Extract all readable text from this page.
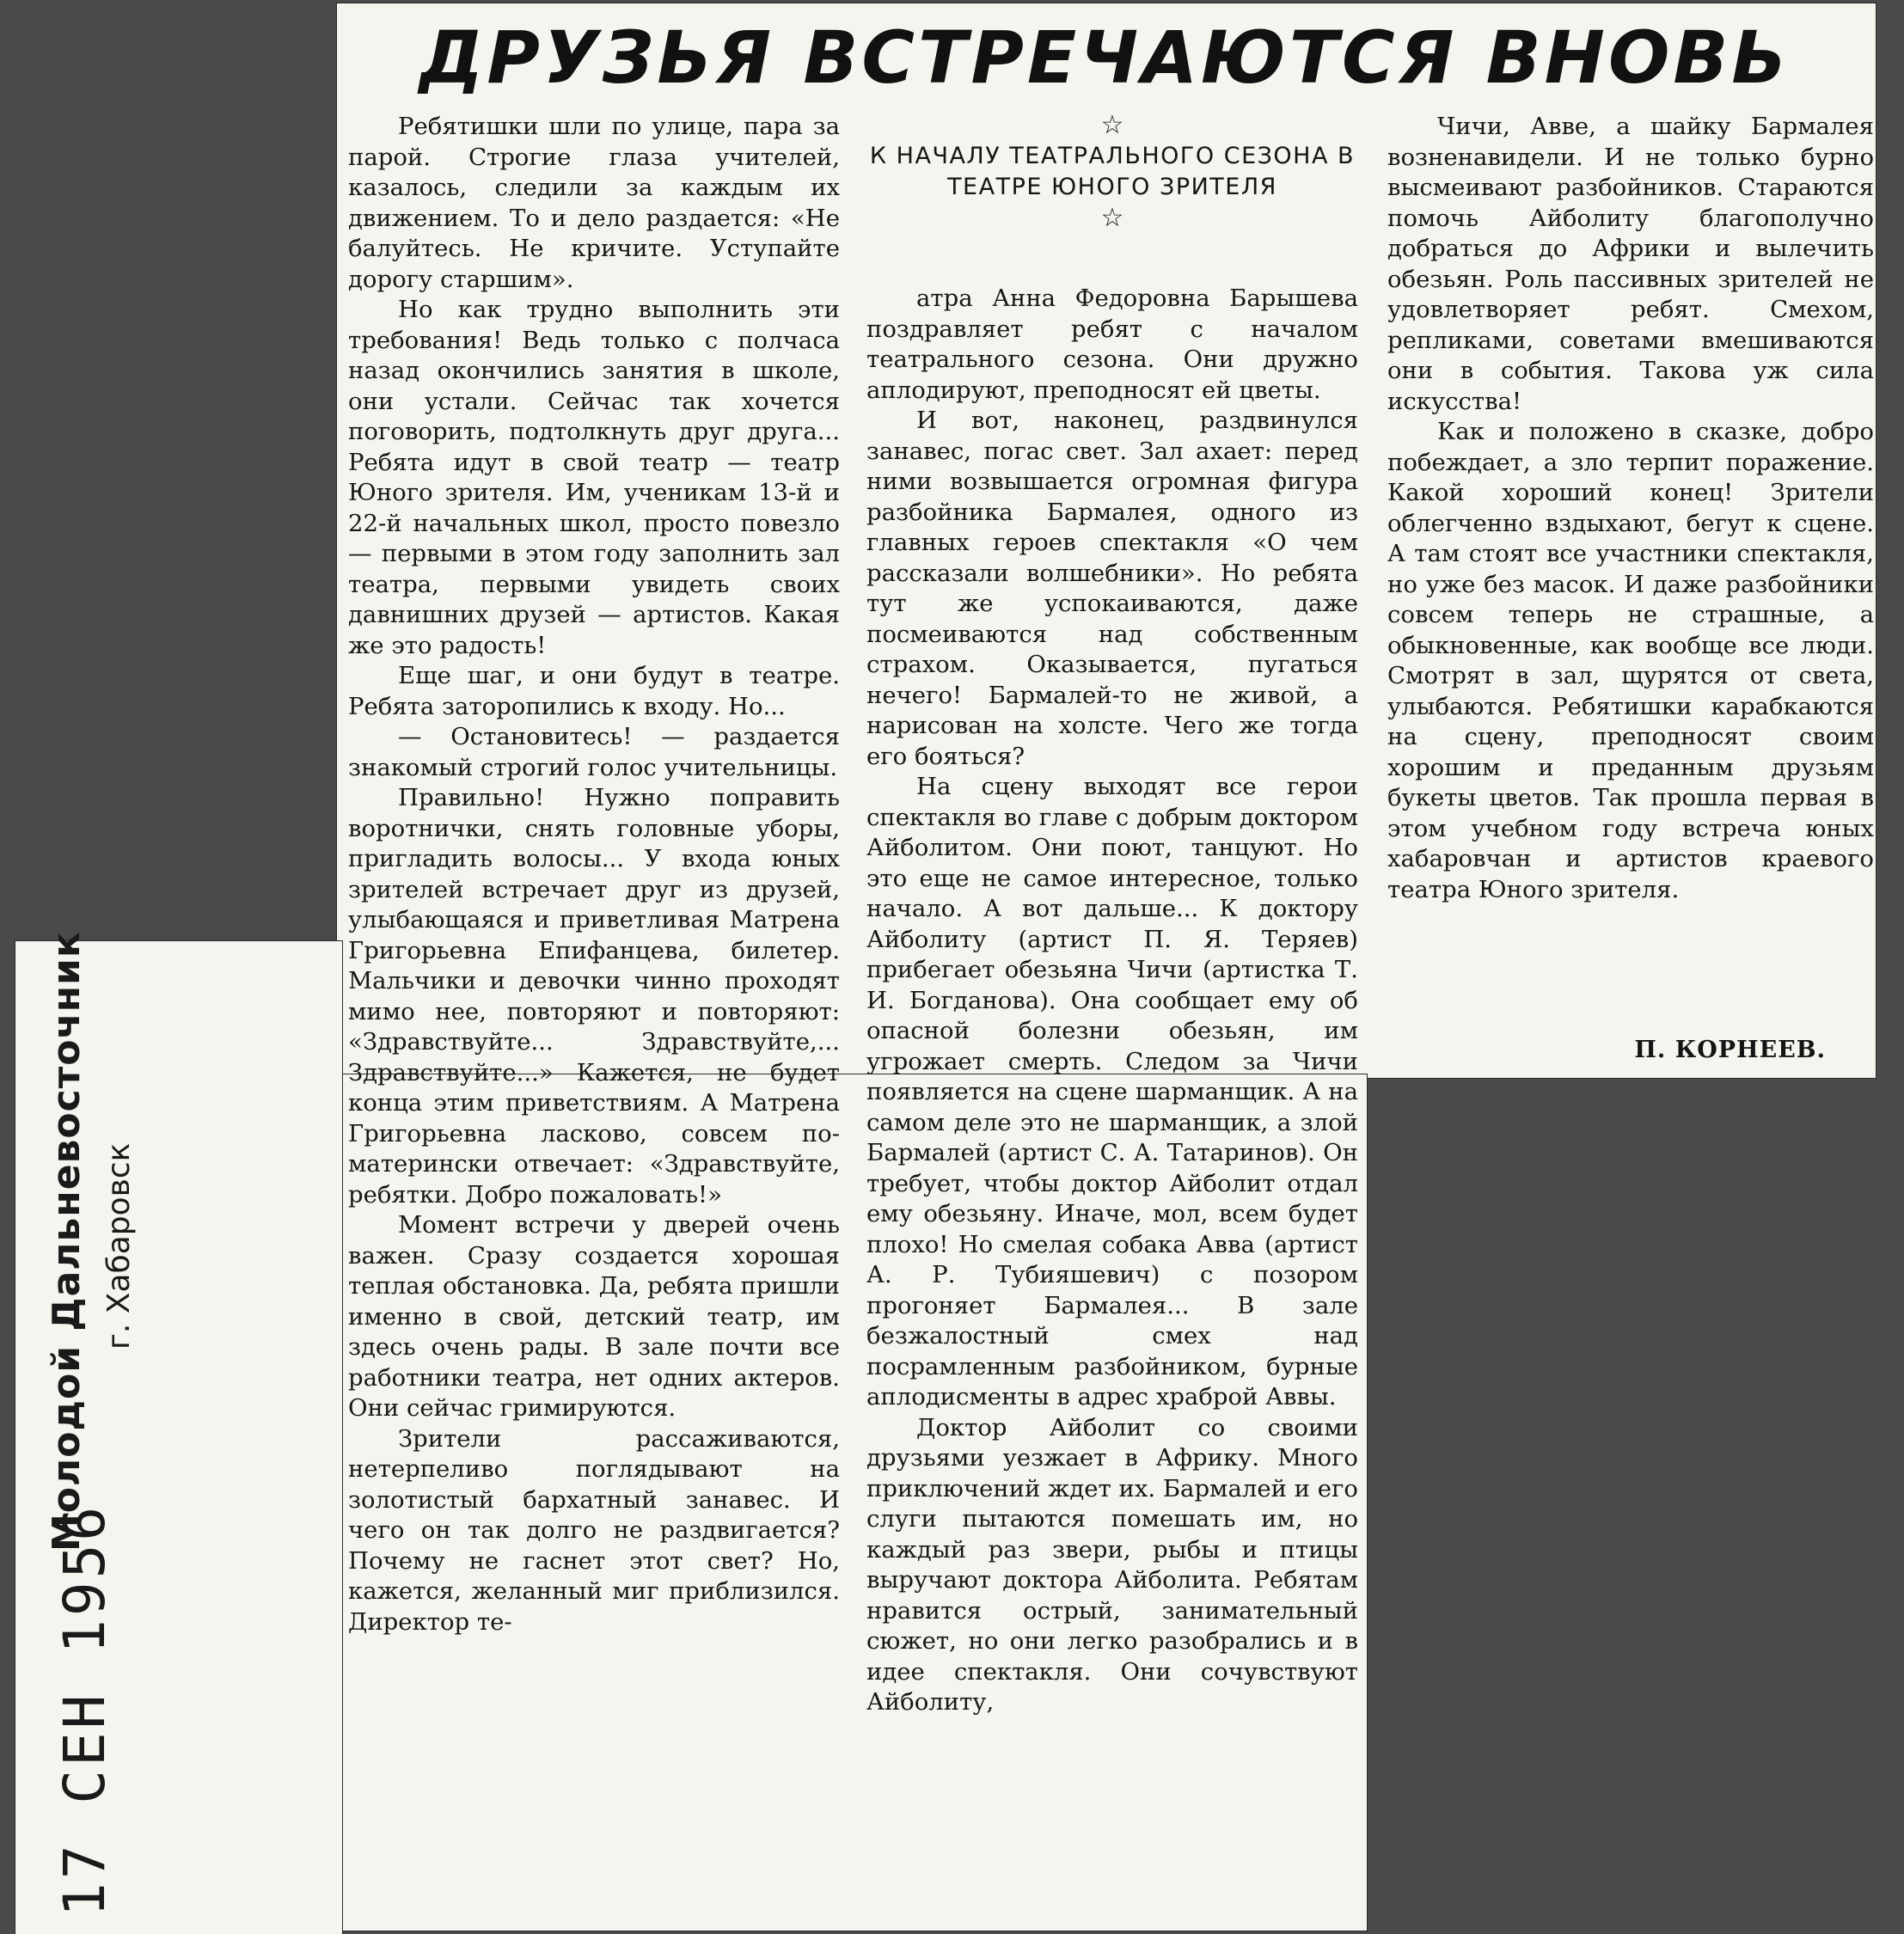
ДРУЗЬЯ ВСТРЕЧАЮТСЯ ВНОВЬ

Ребятишки шли по улице, пара за парой. Строгие глаза учителей, казалось, следили за каждым их движением. То и дело раздается: «Не балуйтесь. Не кричите. Уступайте дорогу старшим».

Но как трудно выполнить эти требования! Ведь только с полчаса назад окончились занятия в школе, они устали. Сейчас так хочется поговорить, подтолкнуть друг друга... Ребята идут в свой театр — театр Юного зрителя. Им, ученикам 13-й и 22-й начальных школ, просто повезло — первыми в этом году заполнить зал театра, первыми увидеть своих давнишних друзей — артистов. Какая же это радость!

Еще шаг, и они будут в театре. Ребята заторопились к входу. Но...

— Остановитесь! — раздается знакомый строгий голос учительницы.

Правильно! Нужно поправить воротнички, снять головные уборы, пригладить волосы... У входа юных зрителей встречает друг из друзей, улыбающаяся и приветливая Матрена Григорьевна Епифанцева, билетер. Мальчики и девочки чинно проходят мимо нее, повторяют и повторяют: «Здравствуйте... Здравствуйте,... Здравствуйте...» Кажется, не будет конца этим приветствиям. А Матрена Григорьевна ласково, совсем по-матерински отвечает: «Здравствуйте, ребятки. Добро пожаловать!»

Момент встречи у дверей очень важен. Сразу создается хорошая теплая обстановка. Да, ребята пришли именно в свой, детский театр, им здесь очень рады. В зале почти все работники театра, нет одних актеров. Они сейчас гримируются.

Зрители рассаживаются, нетерпеливо поглядывают на золотистый бархатный занавес. И чего он так долго не раздвигается? Почему не гаснет этот свет? Но, кажется, желанный миг приблизился. Директор те-

☆
К НАЧАЛУ ТЕАТРАЛЬНОГО СЕЗОНА В ТЕАТРЕ ЮНОГО ЗРИТЕЛЯ
☆

атра Анна Федоровна Барышева поздравляет ребят с началом театрального сезона. Они дружно аплодируют, преподносят ей цветы.

И вот, наконец, раздвинулся занавес, погас свет. Зал ахает: перед ними возвышается огромная фигура разбойника Бармалея, одного из главных героев спектакля «О чем рассказали волшебники». Но ребята тут же успокаиваются, даже посмеиваются над собственным страхом. Оказывается, пугаться нечего! Бармалей-то не живой, а нарисован на холсте. Чего же тогда его бояться?

На сцену выходят все герои спектакля во главе с добрым доктором Айболитом. Они поют, танцуют. Но это еще не самое интересное, только начало. А вот дальше... К доктору Айболиту (артист П. Я. Теряев) прибегает обезьяна Чичи (артистка Т. И. Богданова). Она сообщает ему об опасной болезни обезьян, им угрожает смерть. Следом за Чичи появляется на сцене шарманщик. А на самом деле это не шарманщик, а злой Бармалей (артист С. А. Татаринов). Он требует, чтобы доктор Айболит отдал ему обезьяну. Иначе, мол, всем будет плохо! Но смелая собака Авва (артист А. Р. Тубияшевич) с позором прогоняет Бармалея... В зале безжалостный смех над посрамленным разбойником, бурные аплодисменты в адрес храброй Аввы.

Доктор Айболит со своими друзьями уезжает в Африку. Много приключений ждет их. Бармалей и его слуги пытаются помешать им, но каждый раз звери, рыбы и птицы выручают доктора Айболита. Ребятам нравится острый, занимательный сюжет, но они легко разобрались и в идее спектакля. Они сочувствуют Айболиту,

Чичи, Авве, а шайку Бармалея возненавидели. И не только бурно высмеивают разбойников. Стараются помочь Айболиту благополучно добраться до Африки и вылечить обезьян. Роль пассивных зрителей не удовлетворяет ребят. Смехом, репликами, советами вмешиваются они в события. Такова уж сила искусства!

Как и положено в сказке, добро побеждает, а зло терпит поражение. Какой хороший конец! Зрители облегченно вздыхают, бегут к сцене. А там стоят все участники спектакля, но уже без масок. И даже разбойники совсем теперь не страшные, а обыкновенные, как вообще все люди. Смотрят в зал, щурятся от света, улыбаются. Ребятишки карабкаются на сцену, преподносят своим хорошим и преданным друзьям букеты цветов. Так прошла первая в этом учебном году встреча юных хабаровчан и артистов краевого театра Юного зрителя.

П. КОРНЕЕВ.
Молодой Дальневосточник г. Хабаровск
17 СЕН 1956
